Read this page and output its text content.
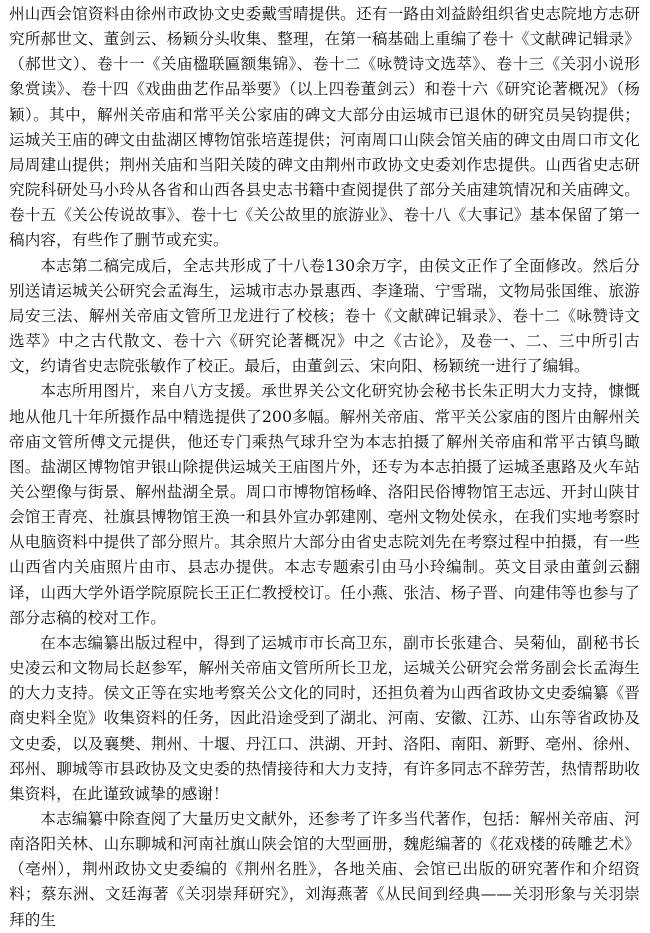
州山西会馆资料由徐州市政协文史委戴雪晴提供。还有一路由刘益龄组织省史志院地方志研究所郝世文、董剑云、杨颖分头收集、整理，在第一稿基础上重编了卷十《文献碑记辑录》（郝世文）、卷十一《关庙楹联匾额集锦》、卷十二《咏赞诗文选萃》、卷十三《关羽小说形象赏读》、卷十四《戏曲曲艺作品举要》（以上四卷董剑云）和卷十六《研究论著概况》（杨颖）。其中，解州关帝庙和常平关公家庙的碑文大部分由运城市已退休的研究员吴钧提供；运城关王庙的碑文由盐湖区博物馆张培莲提供；河南周口山陕会馆关庙的碑文由周口市文化局周建山提供；荆州关庙和当阳关陵的碑文由荆州市政协文史委刘作忠提供。山西省史志研究院科研处马小玲从各省和山西各县史志书籍中查阅提供了部分关庙建筑情况和关庙碑文。卷十五《关公传说故事》、卷十七《关公故里的旅游业》、卷十八《大事记》基本保留了第一稿内容，有些作了删节或充实。

本志第二稿完成后，全志共形成了十八卷130余万字，由侯文正作了全面修改。然后分别送请运城关公研究会孟海生，运城市志办景惠西、李逢瑞、宁雪瑞，文物局张国维、旅游局安三法、解州关帝庙文管所卫龙进行了校核；卷十《文献碑记辑录》、卷十二《咏赞诗文选萃》中之古代散文、卷十六《研究论著概况》中之《古论》，及卷一、二、三中所引古文，约请省史志院张敏作了校正。最后，由董剑云、宋向阳、杨颖统一进行了编辑。

本志所用图片，来自八方支援。承世界关公文化研究协会秘书长朱正明大力支持，慷慨地从他几十年所摄作品中精选提供了200多幅。解州关帝庙、常平关公家庙的图片由解州关帝庙文管所傅文元提供，他还专门乘热气球升空为本志拍摄了解州关帝庙和常平古镇鸟瞰图。盐湖区博物馆尹银山除提供运城关王庙图片外，还专为本志拍摄了运城圣惠路及火车站关公塑像与街景、解州盐湖全景。周口市博物馆杨峰、洛阳民俗博物馆王志远、开封山陕甘会馆王青亮、社旗县博物馆王涣一和县外宣办郭建刚、亳州文物处侯永，在我们实地考察时从电脑资料中提供了部分照片。其余照片大部分由省史志院刘先在考察过程中拍摄，有一些山西省内关庙照片由市、县志办提供。本志专题索引由马小玲编制。英文目录由董剑云翻译，山西大学外语学院原院长王正仁教授校订。任小燕、张洁、杨子晋、向建伟等也参与了部分志稿的校对工作。

在本志编纂出版过程中，得到了运城市市长高卫东，副市长张建合、吴菊仙，副秘书长史凌云和文物局长赵参军，解州关帝庙文管所所长卫龙，运城关公研究会常务副会长孟海生的大力支持。侯文正等在实地考察关公文化的同时，还担负着为山西省政协文史委编纂《晋商史料全览》收集资料的任务，因此沿途受到了湖北、河南、安徽、江苏、山东等省政协及文史委，以及襄樊、荆州、十堰、丹江口、洪湖、开封、洛阳、南阳、新野、亳州、徐州、邳州、聊城等市县政协及文史委的热情接待和大力支持，有许多同志不辞劳苦，热情帮助收集资料，在此谨致诚挚的感谢！

本志编纂中除查阅了大量历史文献外，还参考了许多当代著作，包括：解州关帝庙、河南洛阳关林、山东聊城和河南社旗山陕会馆的大型画册，魏彪编著的《花戏楼的砖雕艺术》（亳州），荆州政协文史委编的《荆州名胜》，各地关庙、会馆已出版的研究著作和介绍资料；蔡东洲、文廷海著《关羽崇拜研究》，刘海燕著《从民间到经典——关羽形象与关羽崇拜的生
